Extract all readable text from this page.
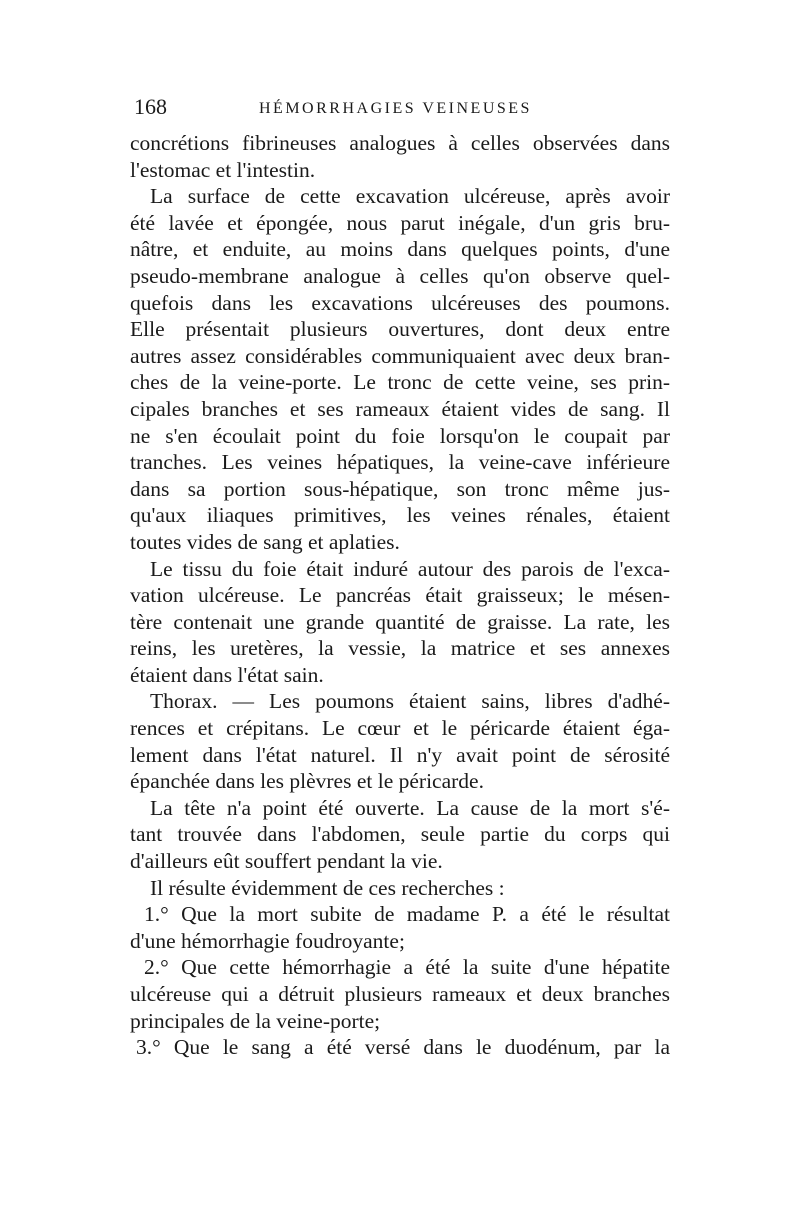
168	HÉMORRHAGIES VEINEUSES
concrétions fibrineuses analogues à celles observées dans
l'estomac et l'intestin.
La surface de cette excavation ulcéreuse, après avoir
été lavée et épongée, nous parut inégale, d'un gris bru-
nâtre, et enduite, au moins dans quelques points, d'une
pseudo-membrane analogue à celles qu'on observe quel-
quefois dans les excavations ulcéreuses des poumons.
Elle présentait plusieurs ouvertures, dont deux entre
autres assez considérables communiquaient avec deux bran-
ches de la veine-porte. Le tronc de cette veine, ses prin-
cipales branches et ses rameaux étaient vides de sang. Il
ne s'en écoulait point du foie lorsqu'on le coupait par
tranches. Les veines hépatiques, la veine-cave inférieure
dans sa portion sous-hépatique, son tronc même jus-
qu'aux iliaques primitives, les veines rénales, étaient
toutes vides de sang et aplaties.
Le tissu du foie était induré autour des parois de l'exca-
vation ulcéreuse. Le pancréas était graisseux; le mésen-
tère contenait une grande quantité de graisse. La rate, les
reins, les uretères, la vessie, la matrice et ses annexes
étaient dans l'état sain.
Thorax. — Les poumons étaient sains, libres d'adhé-
rences et crépitans. Le cœur et le péricarde étaient éga-
lement dans l'état naturel. Il n'y avait point de sérosité
épanchée dans les plèvres et le péricarde.
La tête n'a point été ouverte. La cause de la mort s'é-
tant trouvée dans l'abdomen, seule partie du corps qui
d'ailleurs eût souffert pendant la vie.
Il résulte évidemment de ces recherches :
1.° Que la mort subite de madame P. a été le résultat
d'une hémorrhagie foudroyante;
2.° Que cette hémorrhagie a été la suite d'une hépatite
ulcéreuse qui a détruit plusieurs rameaux et deux branches
principales de la veine-porte;
3.° Que le sang a été versé dans le duodénum, par la
